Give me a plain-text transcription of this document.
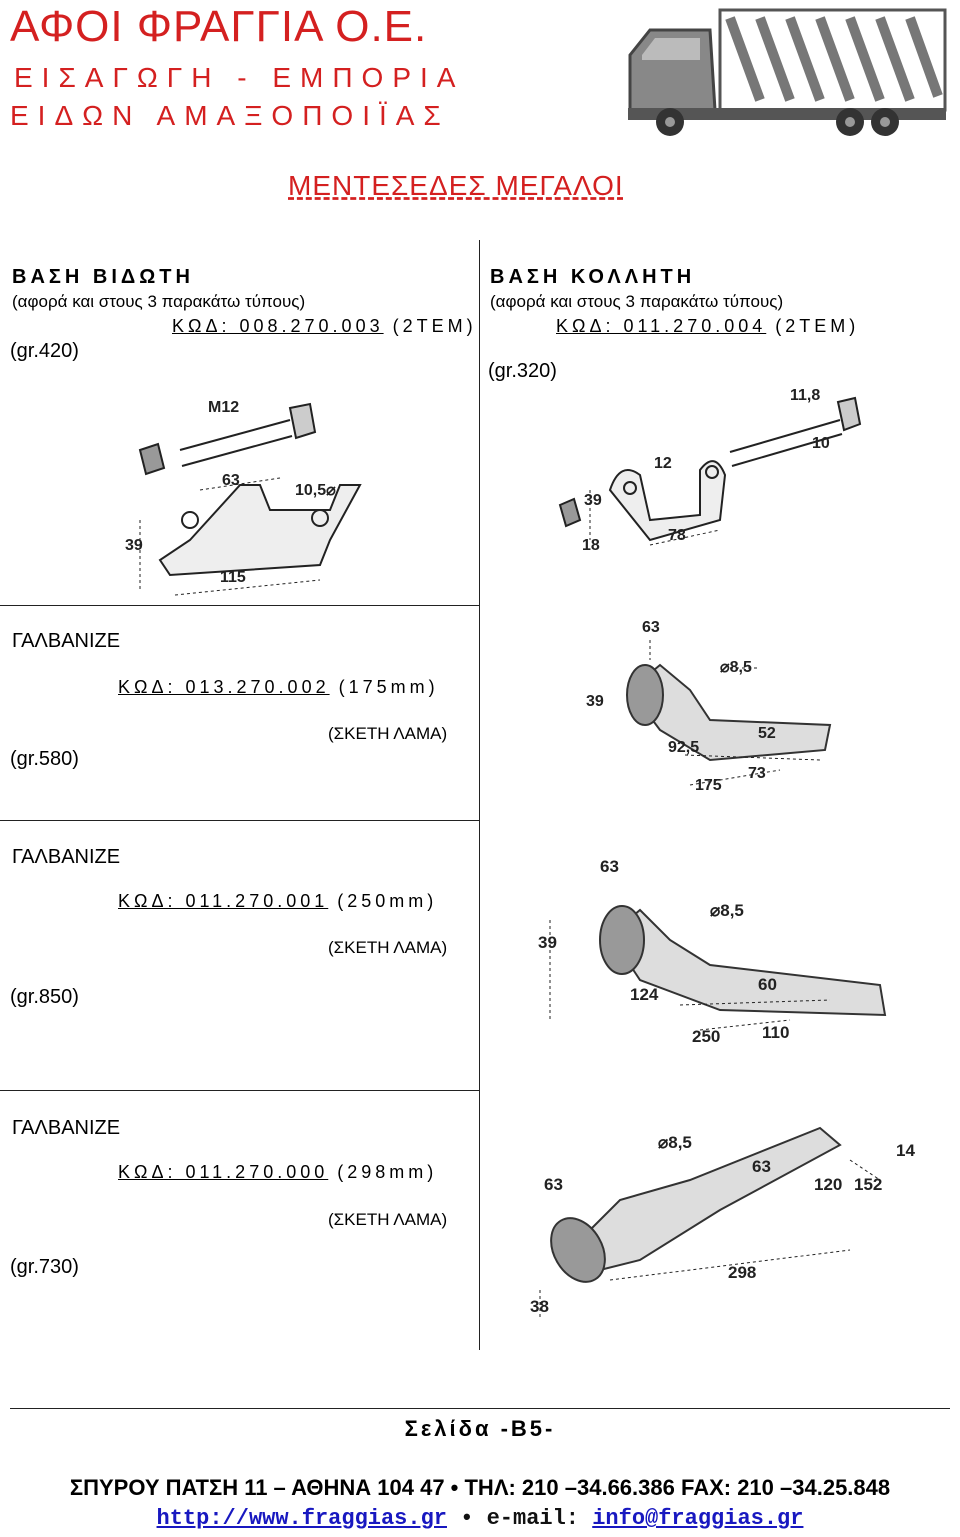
ΑΦΟΙ ΦΡΑΓΓΙΑ Ο.Ε.
ΕΙΣΑΓΩΓΗ - ΕΜΠΟΡΙΑ
ΕΙΔΩΝ ΑΜΑΞΟΠΟΙΪΑΣ
ΜΕΝΤΕΣΕΔΕΣ ΜΕΓΑΛΟΙ
ΒΑΣΗ ΒΙΔΩΤΗ
(αφορά και στους 3 παρακάτω τύπους)
ΚΩΔ: 008.270.003 (2ΤΕΜ)
(gr.420)
M12
63
10,5⌀
39
115
ΒΑΣΗ ΚΟΛΛΗΤΗ
(αφορά και στους 3 παρακάτω τύπους)
ΚΩΔ: 011.270.004 (2ΤΕΜ)
(gr.320)
11,8
10
12
39
78
18
ΓΑΛΒΑΝΙΖΕ
ΚΩΔ: 013.270.002 (175mm)
(ΣΚΕΤΗ ΛΑΜΑ)
(gr.580)
63
⌀8,5
39
52
92,5
73
175
ΓΑΛΒΑΝΙΖΕ
ΚΩΔ: 011.270.001 (250mm)
(ΣΚΕΤΗ ΛΑΜΑ)
(gr.850)
63
⌀8,5
39
60
124
110
250
ΓΑΛΒΑΝΙΖΕ
ΚΩΔ: 011.270.000 (298mm)
(ΣΚΕΤΗ ΛΑΜΑ)
(gr.730)
⌀8,5	14
63
63
120 152
298
38
Σελίδα -Β5-
ΣΠΥΡΟΥ ΠΑΤΣΗ 11 – ΑΘΗΝΑ 104 47 • ΤΗΛ: 210 –34.66.386 FAX: 210 –34.25.848
http://www.fraggias.gr • e-mail: info@fraggias.gr
